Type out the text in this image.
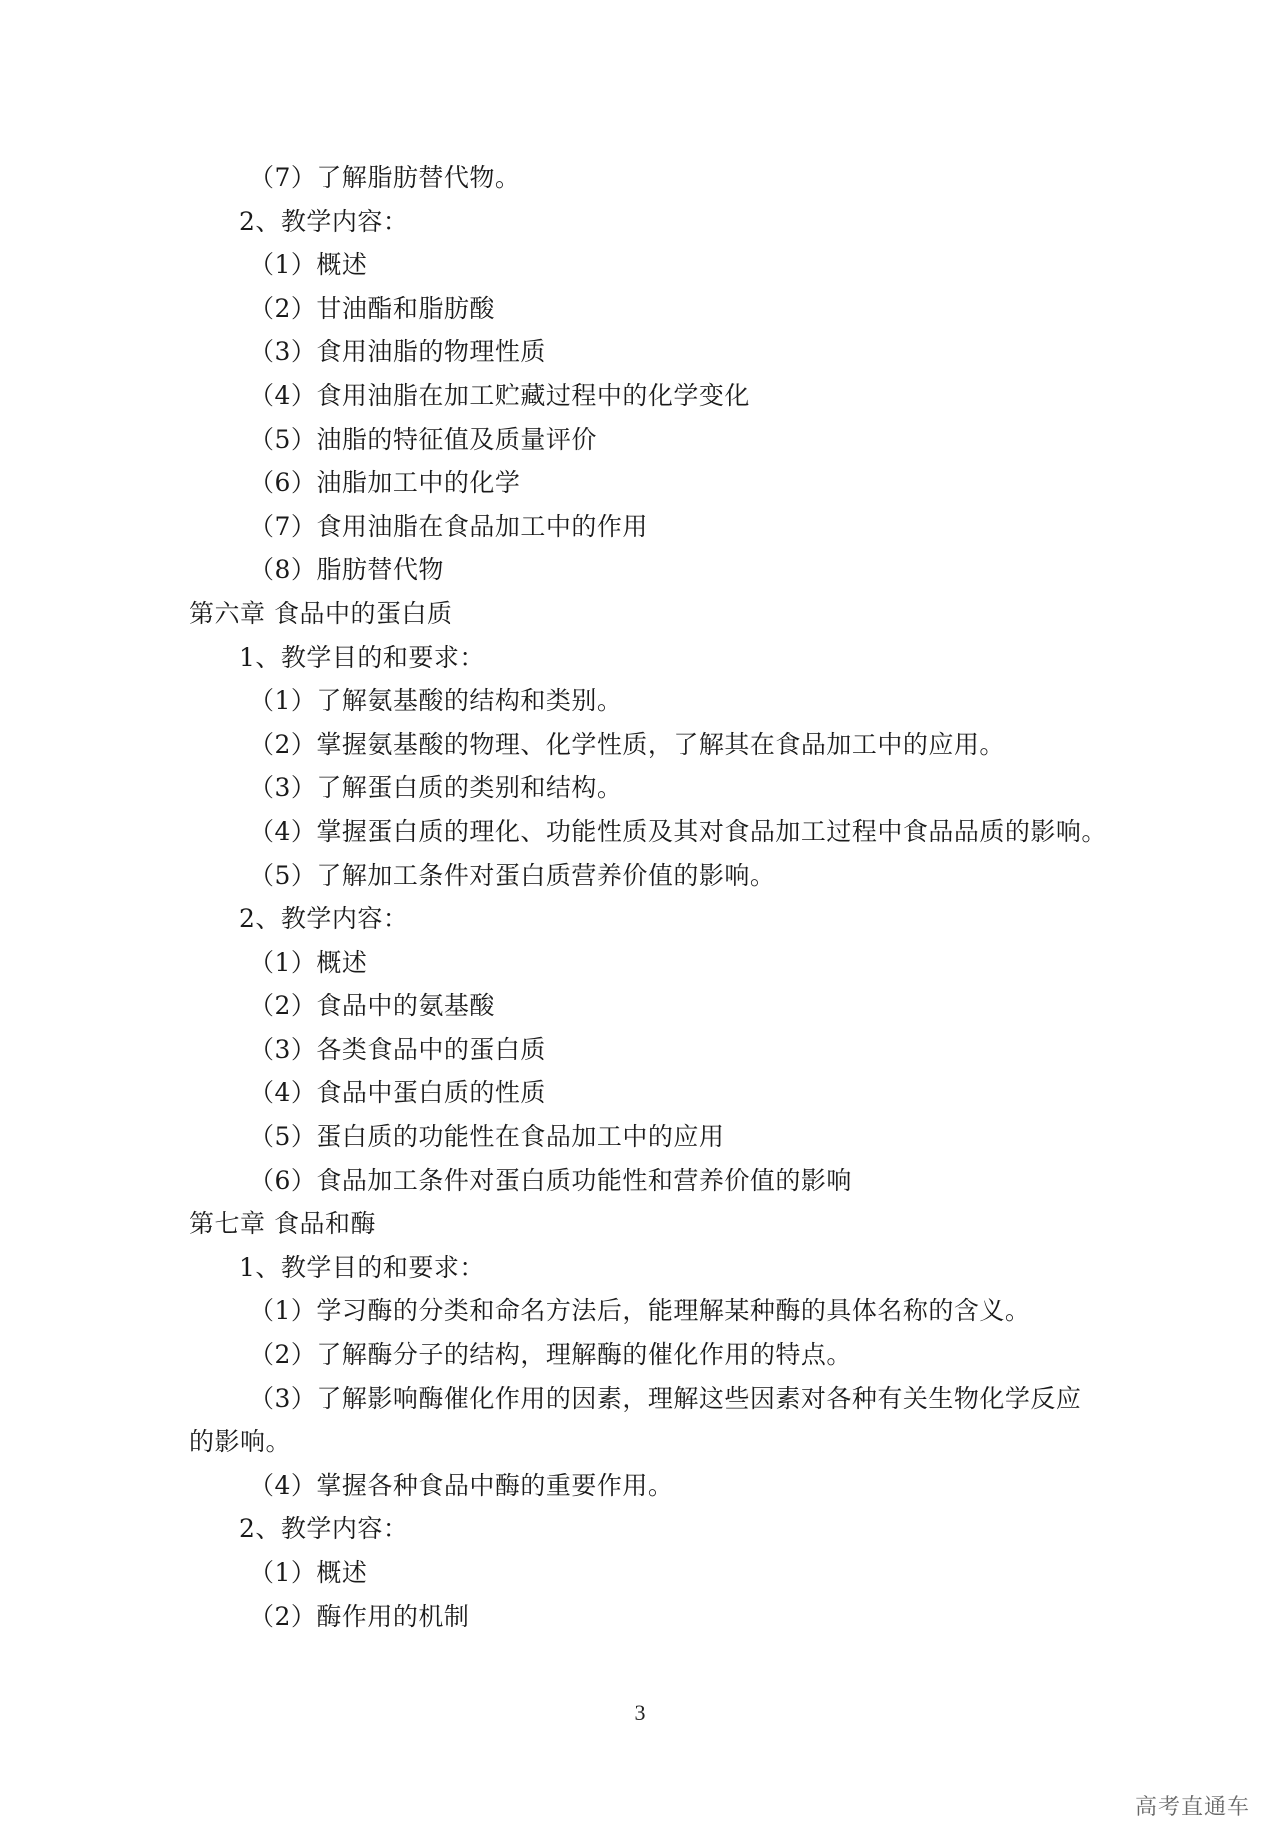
（7）了解脂肪替代物。
2、教学内容：
（1）概述
（2）甘油酯和脂肪酸
（3）食用油脂的物理性质
（4）食用油脂在加工贮藏过程中的化学变化
（5）油脂的特征值及质量评价
（6）油脂加工中的化学
（7）食用油脂在食品加工中的作用
（8）脂肪替代物
第六章 食品中的蛋白质
1、教学目的和要求：
（1）了解氨基酸的结构和类别。
（2）掌握氨基酸的物理、化学性质，了解其在食品加工中的应用。
（3）了解蛋白质的类别和结构。
（4）掌握蛋白质的理化、功能性质及其对食品加工过程中食品品质的影响。
（5）了解加工条件对蛋白质营养价值的影响。
2、教学内容：
（1）概述
（2）食品中的氨基酸
（3）各类食品中的蛋白质
（4）食品中蛋白质的性质
（5）蛋白质的功能性在食品加工中的应用
（6）食品加工条件对蛋白质功能性和营养价值的影响
第七章 食品和酶
1、教学目的和要求：
（1）学习酶的分类和命名方法后，能理解某种酶的具体名称的含义。
（2）了解酶分子的结构，理解酶的催化作用的特点。
（3）了解影响酶催化作用的因素，理解这些因素对各种有关生物化学反应
的影响。
（4）掌握各种食品中酶的重要作用。
2、教学内容：
（1）概述
（2）酶作用的机制
3
高考直通车
